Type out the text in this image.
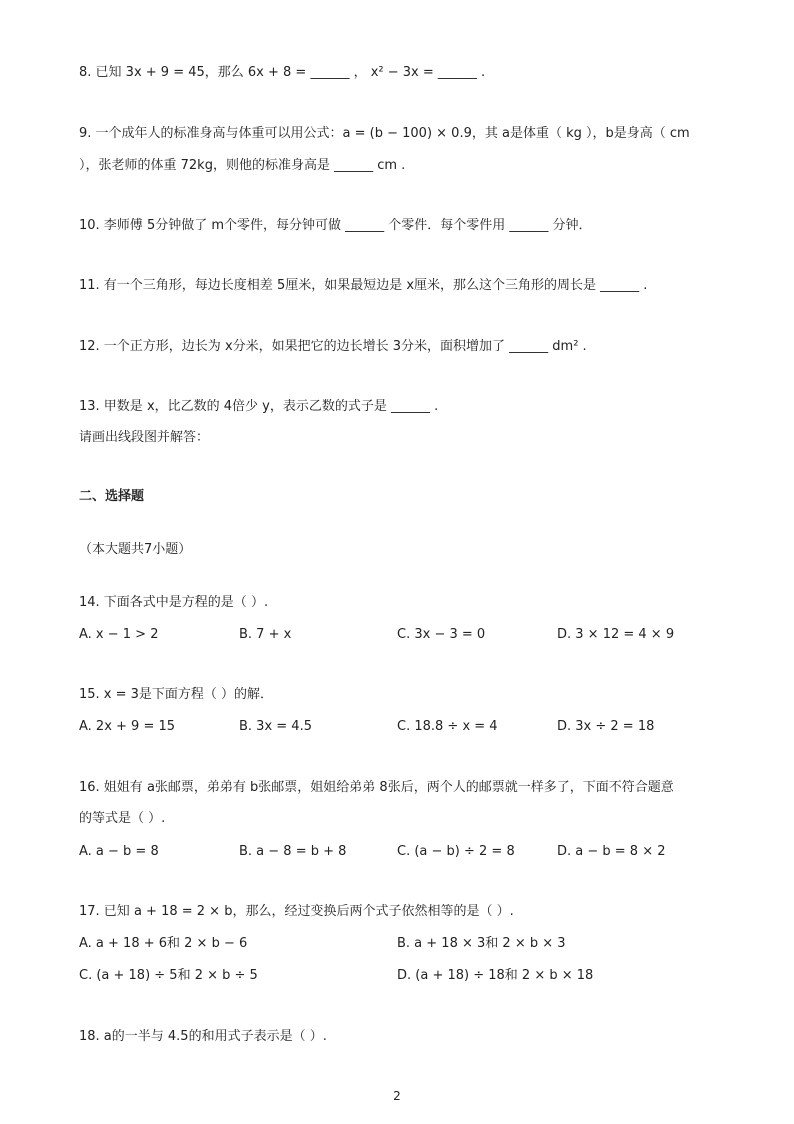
8. 已知 3x + 9 = 45，那么 6x + 8 = ______ ， x² − 3x = ______ .
9. 一个成年人的标准身高与体重可以用公式：a = (b − 100) × 0.9，其 a是体重（ kg ），b是身高（ cm
），张老师的体重 72kg，则他的标准身高是 ______ cm .
10. 李师傅 5分钟做了 m个零件，每分钟可做 ______ 个零件．每个零件用 ______ 分钟．
11. 有一个三角形，每边长度相差 5厘米，如果最短边是 x厘米，那么这个三角形的周长是 ______ .
12. 一个正方形，边长为 x分米，如果把它的边长增长 3分米，面积增加了 ______ dm² .
13. 甲数是 x，比乙数的 4倍少 y，表示乙数的式子是 ______ .
请画出线段图并解答：
二、选择题
（本大题共7小题）
14. 下面各式中是方程的是（ ）.
A. x − 1 > 2	B. 7 + x	C. 3x − 3 = 0	D. 3 × 12 = 4 × 9
15. x = 3是下面方程（ ）的解．
A. 2x + 9 = 15	B. 3x = 4.5	C. 18.8 ÷ x = 4	D. 3x ÷ 2 = 18
16. 姐姐有 a张邮票，弟弟有 b张邮票，姐姐给弟弟 8张后，两个人的邮票就一样多了，下面不符合题意
的等式是（ ）.
A. a − b = 8	B. a − 8 = b + 8	C. (a − b) ÷ 2 = 8	D. a − b = 8 × 2
17. 已知 a + 18 = 2 × b，那么，经过变换后两个式子依然相等的是（ ）.
A. a + 18 + 6和 2 × b − 6	B. a + 18 × 3和 2 × b × 3
C. (a + 18) ÷ 5和 2 × b ÷ 5	D. (a + 18) ÷ 18和 2 × b × 18
18. a的一半与 4.5的和用式子表示是（ ）.
2
